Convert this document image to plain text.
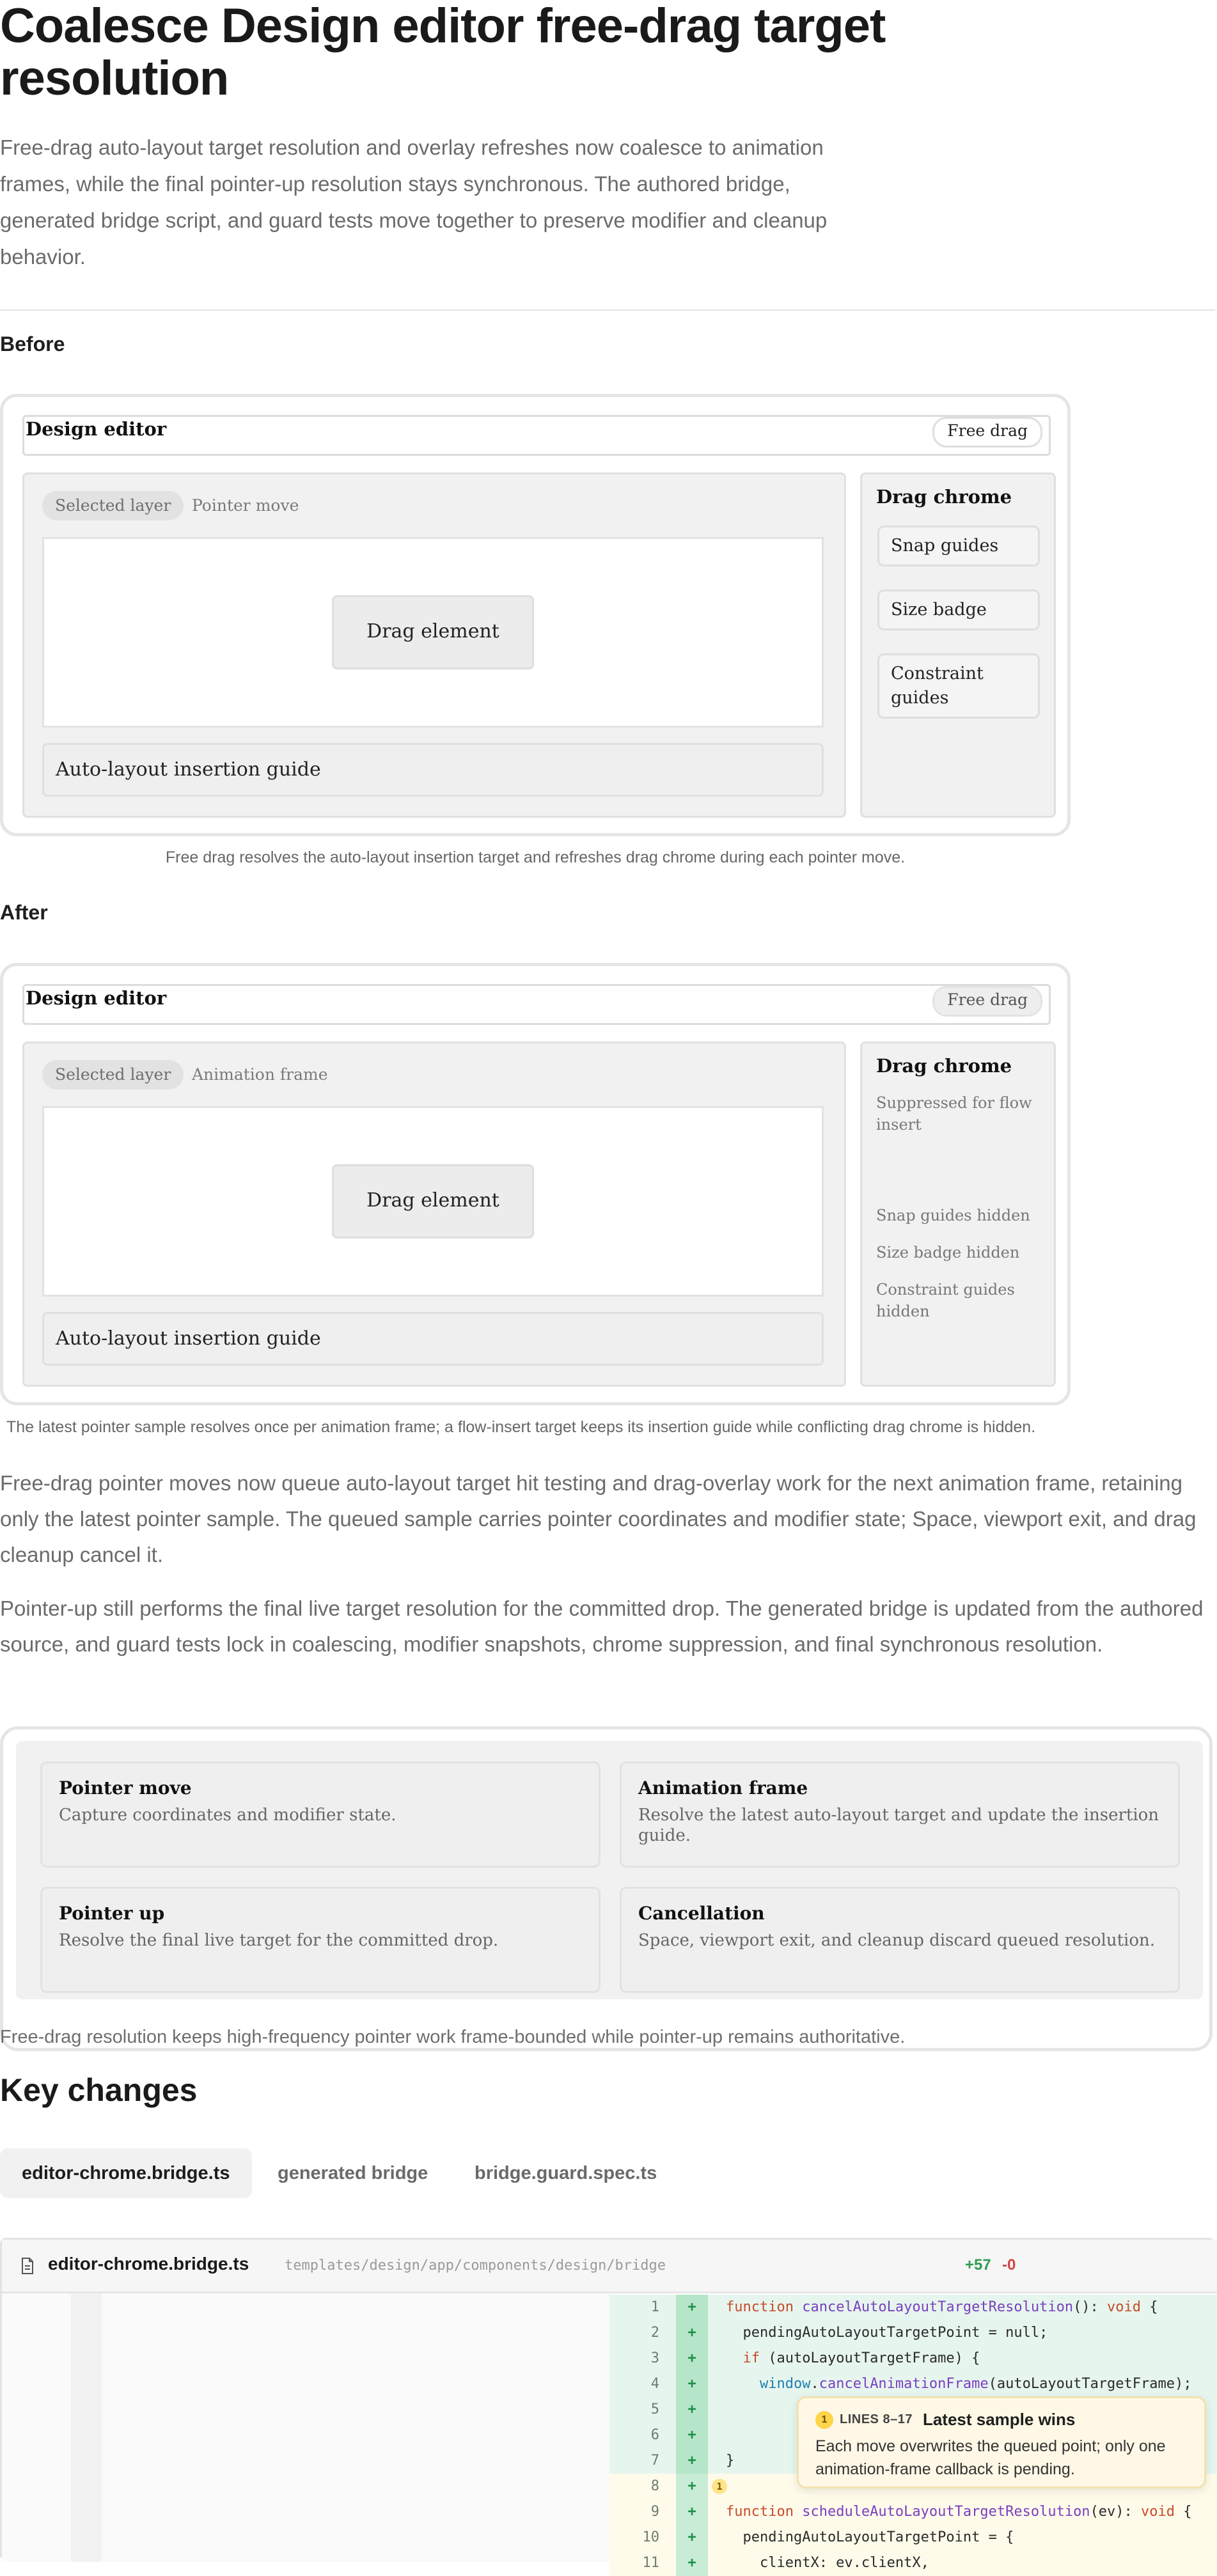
Coalesce Design editor free-drag target resolution

Free-drag auto-layout target resolution and overlay refreshes now coalesce to animation frames, while the final pointer-up resolution stays synchronous. The authored bridge, generated bridge script, and guard tests move together to preserve modifier and cleanup behavior.

Before
Design editor	Free drag
Selected layer	Pointer move
Drag element
Auto-layout insertion guide
Drag chrome
Snap guides
Size badge
Constraint guides
Free drag resolves the auto-layout insertion target and refreshes drag chrome during each pointer move.
After
Design editor	Free drag
Selected layer	Animation frame
Drag element
Auto-layout insertion guide
Drag chrome
Suppressed for flow insert
Snap guides hidden
Size badge hidden
Constraint guides hidden
The latest pointer sample resolves once per animation frame; a flow-insert target keeps its insertion guide while conflicting drag chrome is hidden.

Free-drag pointer moves now queue auto-layout target hit testing and drag-overlay work for the next animation frame, retaining only the latest pointer sample. The queued sample carries pointer coordinates and modifier state; Space, viewport exit, and drag cleanup cancel it.

Pointer-up still performs the final live target resolution for the committed drop. The generated bridge is updated from the authored source, and guard tests lock in coalescing, modifier snapshots, chrome suppression, and final synchronous resolution.

Pointer move
Capture coordinates and modifier state.
Animation frame
Resolve the latest auto-layout target and update the insertion guide.
Pointer up
Resolve the final live target for the committed drop.
Cancellation
Space, viewport exit, and cleanup discard queued resolution.
Free-drag resolution keeps high-frequency pointer work frame-bounded while pointer-up remains authoritative.
Key changes
editor-chrome.bridge.ts	generated bridge	bridge.guard.spec.ts
editor-chrome.bridge.ts	templates/design/app/components/design/bridge	+57 -0
1	+	function cancelAutoLayoutTargetResolution(): void {
2	+	pendingAutoLayoutTargetPoint = null;
3	+	if (autoLayoutTargetFrame) {
4	+	window.cancelAnimationFrame(autoLayoutTargetFrame);
5	+
6	+
7	+	}
8	+	1
9	+	function scheduleAutoLayoutTargetResolution(ev): void {
10	+	pendingAutoLayoutTargetPoint = {
11	+	clientX: ev.clientX,
1 LINES 8–17 Latest sample wins
Each move overwrites the queued point; only one animation-frame callback is pending.
